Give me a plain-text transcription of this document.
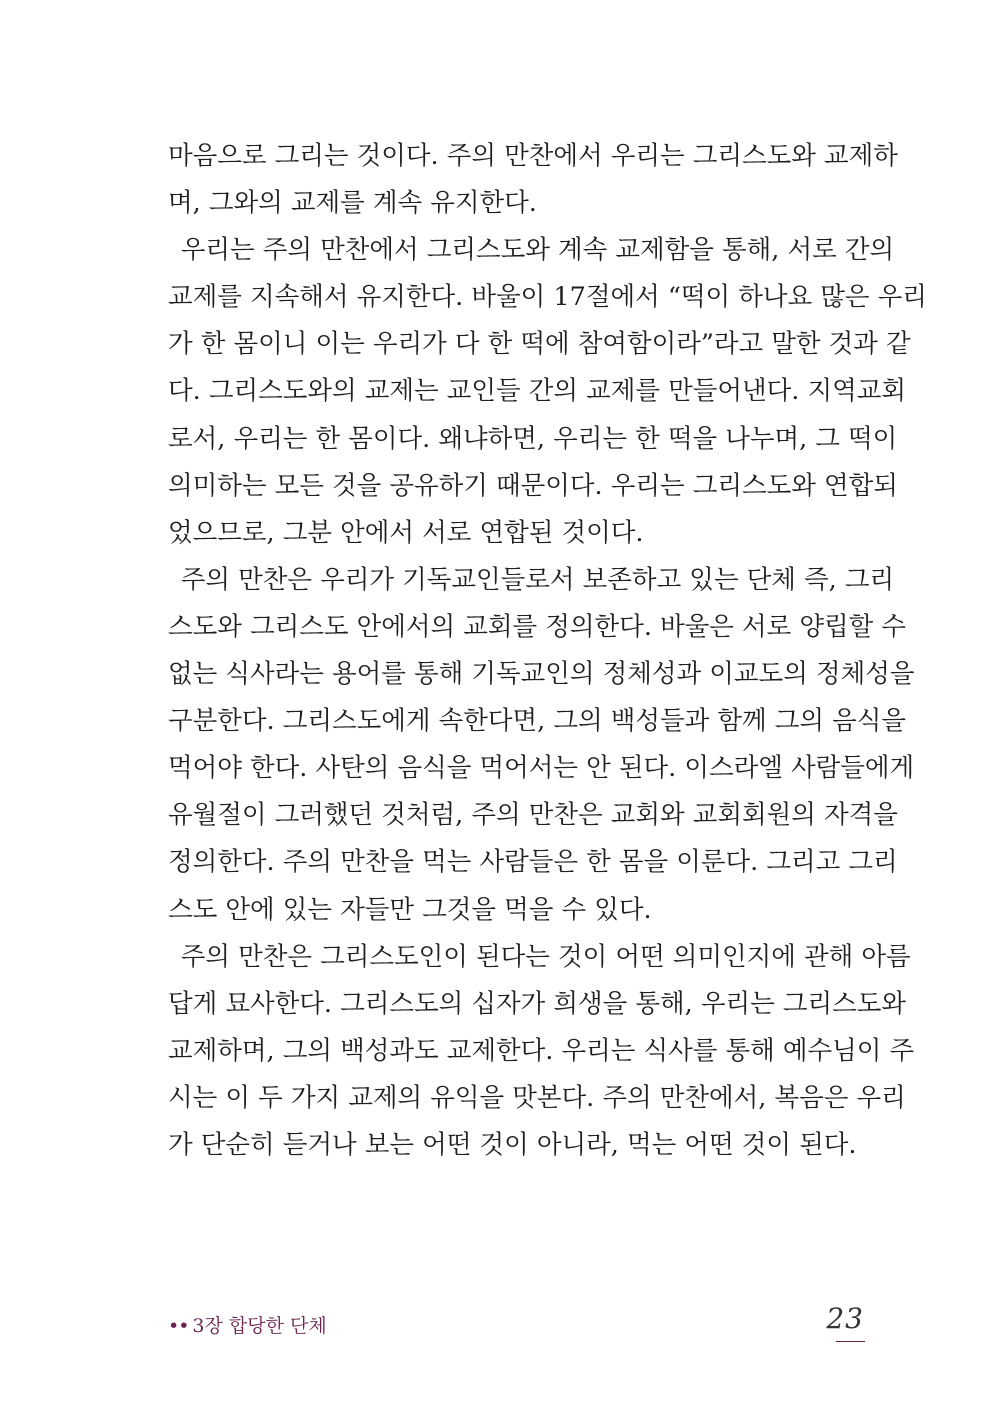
마음으로 그리는 것이다. 주의 만찬에서 우리는 그리스도와 교제하
며, 그와의 교제를 계속 유지한다.
우리는 주의 만찬에서 그리스도와 계속 교제함을 통해, 서로 간의
교제를 지속해서 유지한다. 바울이 17절에서 “떡이 하나요 많은 우리
가 한 몸이니 이는 우리가 다 한 떡에 참여함이라”라고 말한 것과 같
다. 그리스도와의 교제는 교인들 간의 교제를 만들어낸다. 지역교회
로서, 우리는 한 몸이다. 왜냐하면, 우리는 한 떡을 나누며, 그 떡이
의미하는 모든 것을 공유하기 때문이다. 우리는 그리스도와 연합되
었으므로, 그분 안에서 서로 연합된 것이다.
주의 만찬은 우리가 기독교인들로서 보존하고 있는 단체 즉, 그리
스도와 그리스도 안에서의 교회를 정의한다. 바울은 서로 양립할 수
없는 식사라는 용어를 통해 기독교인의 정체성과 이교도의 정체성을
구분한다. 그리스도에게 속한다면, 그의 백성들과 함께 그의 음식을
먹어야 한다. 사탄의 음식을 먹어서는 안 된다. 이스라엘 사람들에게
유월절이 그러했던 것처럼, 주의 만찬은 교회와 교회회원의 자격을
정의한다. 주의 만찬을 먹는 사람들은 한 몸을 이룬다. 그리고 그리
스도 안에 있는 자들만 그것을 먹을 수 있다.
주의 만찬은 그리스도인이 된다는 것이 어떤 의미인지에 관해 아름
답게 묘사한다. 그리스도의 십자가 희생을 통해, 우리는 그리스도와
교제하며, 그의 백성과도 교제한다. 우리는 식사를 통해 예수님이 주
시는 이 두 가지 교제의 유익을 맛본다. 주의 만찬에서, 복음은 우리
가 단순히 듣거나 보는 어떤 것이 아니라, 먹는 어떤 것이 된다.
•• 3장 합당한 단체	23
